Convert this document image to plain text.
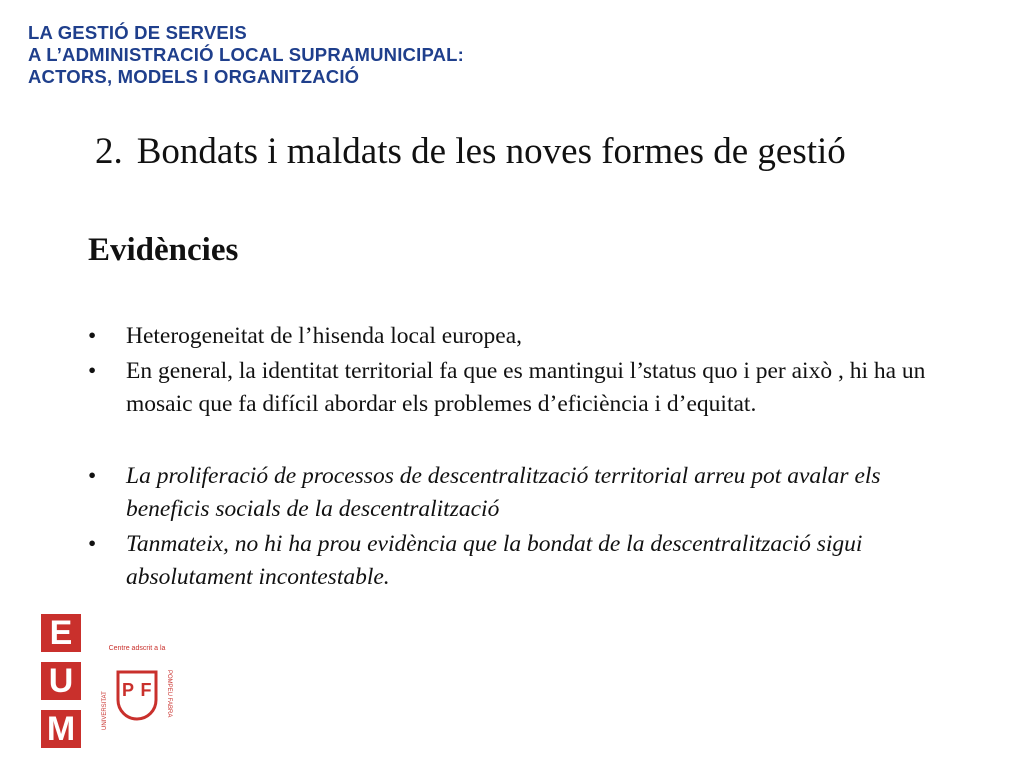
LA GESTIÓ DE SERVEIS
A L’ADMINISTRACIÓ LOCAL SUPRAMUNICIPAL:
ACTORS, MODELS I ORGANITZACIÓ
2. Bondats i maldats de les noves formes de gestió
Evidències
• Heterogeneitat de l’hisenda local europea,
• En general, la identitat territorial fa que es mantingui l’status quo i per això , hi ha un mosaic que fa difícil abordar els problemes d’eficiència i d’equitat.
• La proliferació de processos de descentralització territorial arreu pot avalar els beneficis socials de la descentralització
• Tanmateix, no hi ha prou evidència que la bondat de la descentralització sigui absolutament incontestable.
E
U
M
Centre adscrit a la
UNIVERSITAT	POMPEU FABRA
P F
